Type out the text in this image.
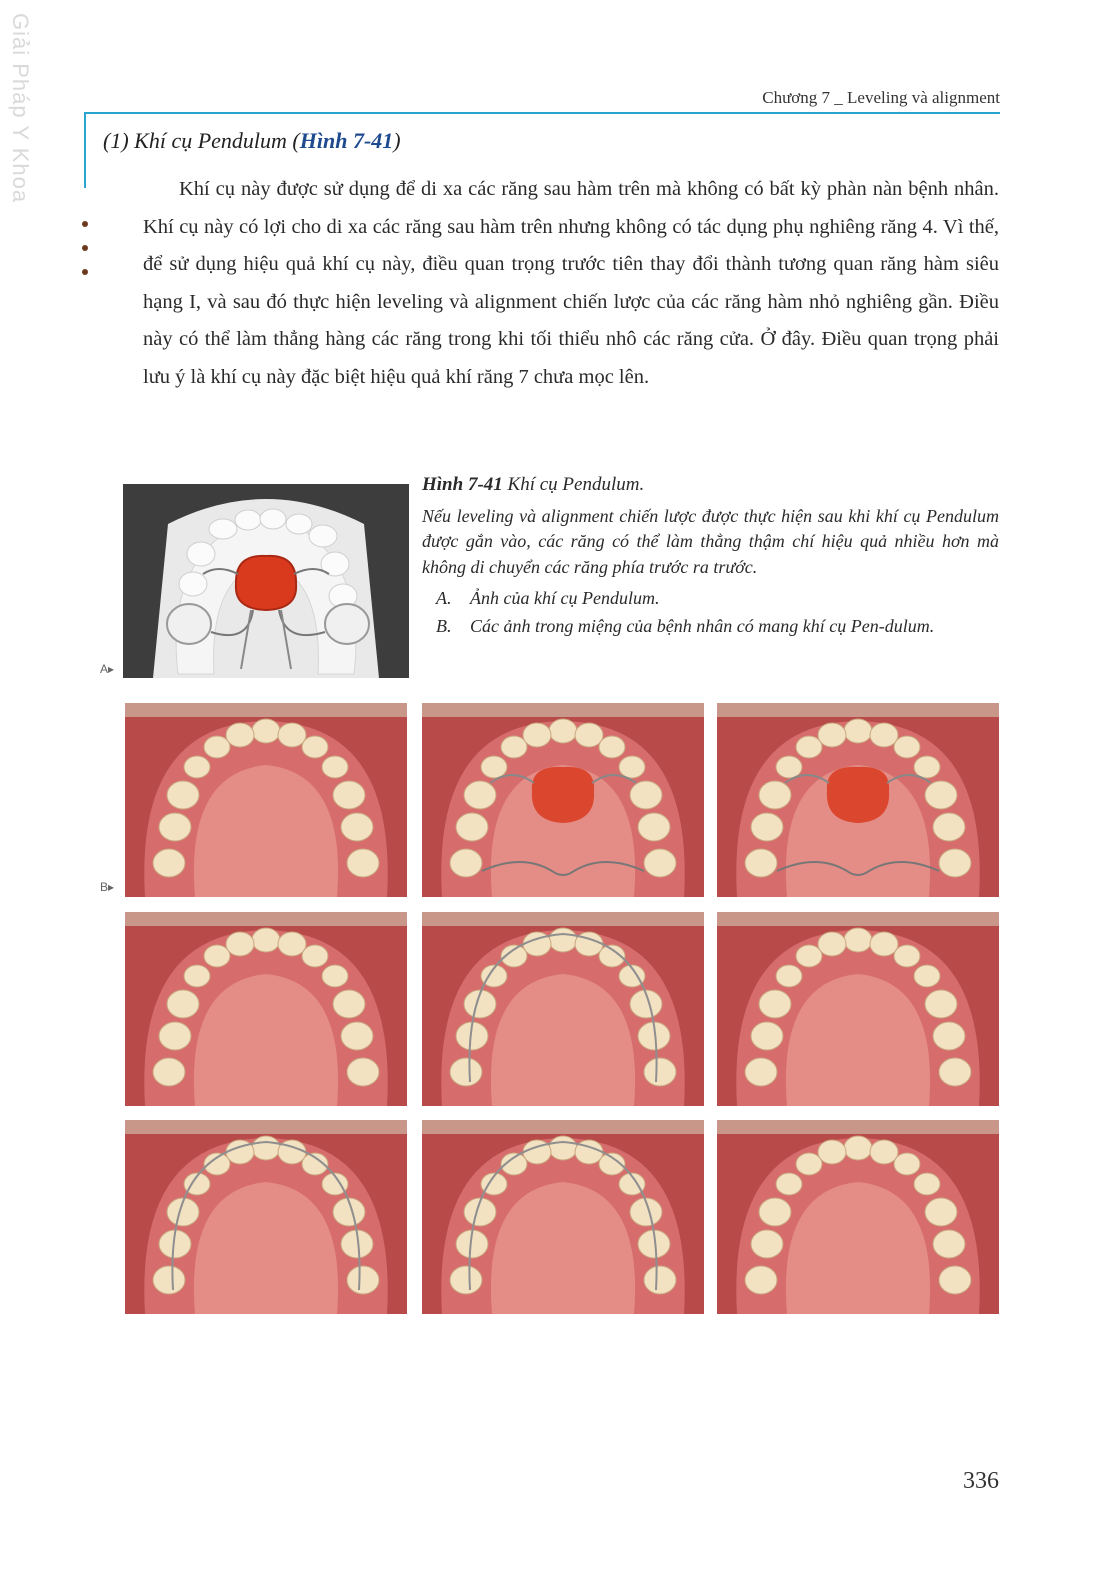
Giải Pháp Y Khoa	Chương 7 _ Leveling và alignment
(1) Khí cụ Pendulum (Hình 7-41)

Khí cụ này được sử dụng để di xa các răng sau hàm trên mà không có bất kỳ phàn nàn bệnh nhân. Khí cụ này có lợi cho di xa các răng sau hàm trên nhưng không có tác dụng phụ nghiêng răng 4. Vì thế, để sử dụng hiệu quả khí cụ này, điều quan trọng trước tiên thay đổi thành tương quan răng hàm siêu hạng I, và sau đó thực hiện leveling và alignment chiến lược của các răng hàm nhỏ nghiêng gần. Điều này có thể làm thẳng hàng các răng trong khi tối thiểu nhô các răng cửa. Ở đây. Điều quan trọng phải lưu ý là khí cụ này đặc biệt hiệu quả khí răng 7 chưa mọc lên.

A▸

Hình 7-41 Khí cụ Pendulum.

Nếu leveling và alignment chiến lược được thực hiện sau khi khí cụ Pendulum được gắn vào, các răng có thể làm thẳng thậm chí hiệu quả nhiều hơn mà không di chuyển các răng phía trước ra trước.

A.	Ảnh của khí cụ Pendulum.
B.	Các ảnh trong miệng của bệnh nhân có mang khí cụ Pen-dulum.
B▸
336
